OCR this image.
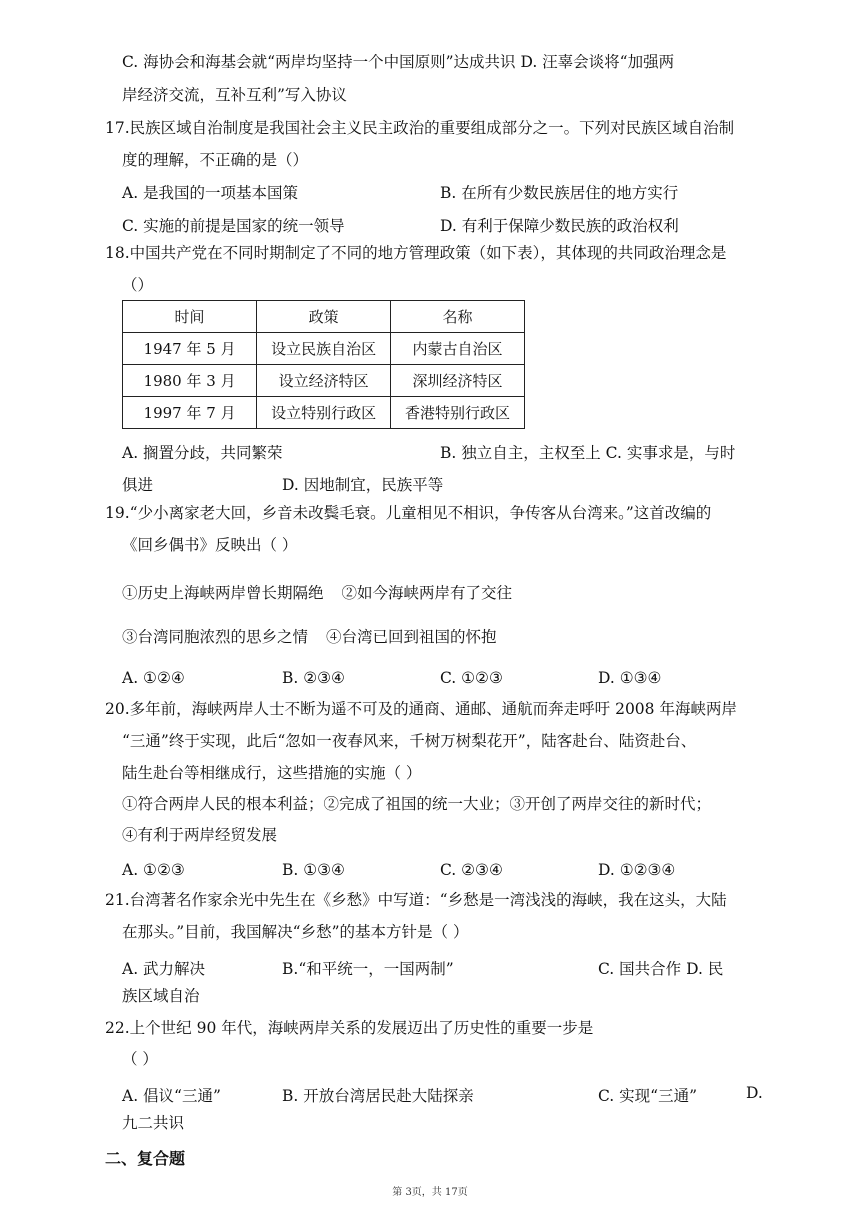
C. 海协会和海基会就“两岸均坚持一个中国原则”达成共识 D. 汪辜会谈将“加强两
岸经济交流，互补互利”写入协议
17.民族区域自治制度是我国社会主义民主政治的重要组成部分之一。下列对民族区域自治制
度的理解，不正确的是（）
A. 是我国的一项基本国策	B. 在所有少数民族居住的地方实行
C. 实施的前提是国家的统一领导	D. 有利于保障少数民族的政治权利
18.中国共产党在不同时期制定了不同的地方管理政策（如下表），其体现的共同政治理念是
（）
时间	政策	名称
1947 年 5 月	设立民族自治区	内蒙古自治区
1980 年 3 月	设立经济特区	深圳经济特区
1997 年 7 月	设立特别行政区	香港特别行政区
A. 搁置分歧，共同繁荣	B. 独立自主，主权至上 C. 实事求是，与时
俱进	D. 因地制宜，民族平等
19.“少小离家老大回，乡音未改鬓毛衰。儿童相见不相识，争传客从台湾来。”这首改编的
《回乡偶书》反映出（ ）
①历史上海峡两岸曾长期隔绝 ②如今海峡两岸有了交往
③台湾同胞浓烈的思乡之情 ④台湾已回到祖国的怀抱
A. ①②④	B. ②③④	C. ①②③	D. ①③④
20.多年前，海峡两岸人士不断为遥不可及的通商、通邮、通航而奔走呼吁 2008 年海峡两岸
“三通”终于实现，此后“忽如一夜春风来，千树万树梨花开”，陆客赴台、陆资赴台、
陆生赴台等相继成行，这些措施的实施（ ）
①符合两岸人民的根本利益；②完成了祖国的统一大业；③开创了两岸交往的新时代；
④有利于两岸经贸发展
A. ①②③	B. ①③④	C. ②③④	D. ①②③④
21.台湾著名作家余光中先生在《乡愁》中写道：“乡愁是一湾浅浅的海峡，我在这头，大陆
在那头。”目前，我国解决“乡愁”的基本方针是（ ）
A. 武力解决	B.“和平统一，一国两制”	C. 国共合作 D. 民
族区域自治
22.上个世纪 90 年代，海峡两岸关系的发展迈出了历史性的重要一步是
（ ）
A. 倡议“三通”	B. 开放台湾居民赴大陆探亲	C. 实现“三通”	D.
九二共识
二、复合题
第 3页，共 17页
